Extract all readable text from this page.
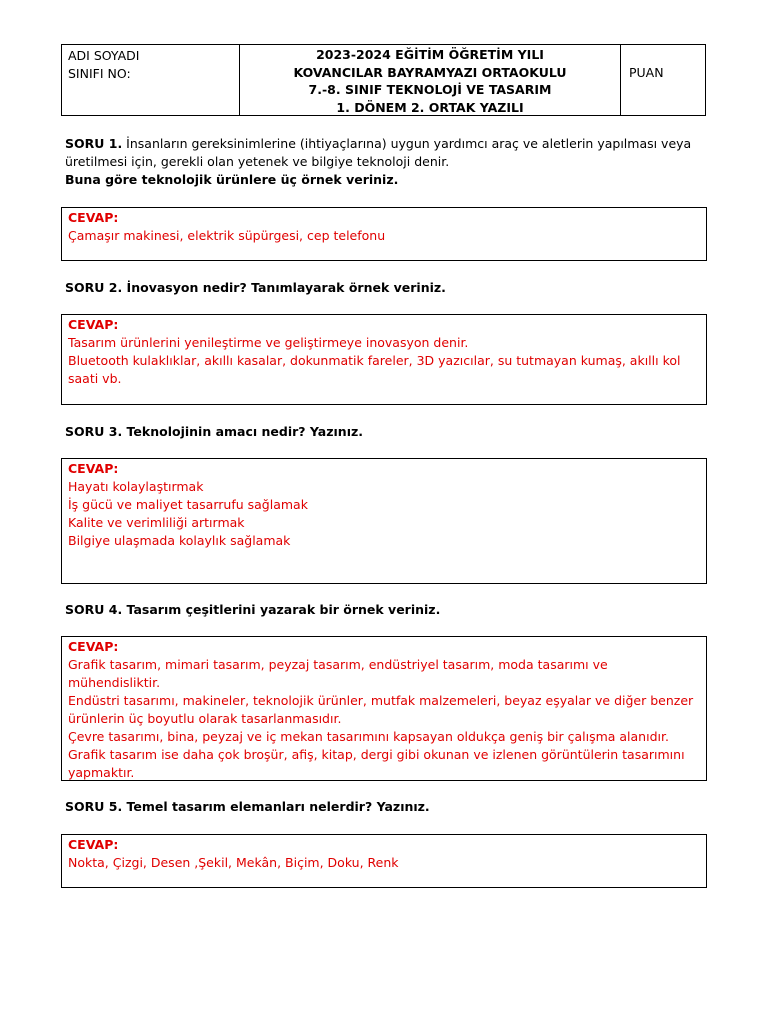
ADI SOYADI
SINIFI NO:
2023-2024 EĞİTİM ÖĞRETİM YILI
KOVANCILAR BAYRAMYAZI ORTAOKULU
7.-8. SINIF TEKNOLOJİ VE TASARIM
1. DÖNEM 2. ORTAK YAZILI
PUAN
SORU 1. İnsanların gereksinimlerine (ihtiyaçlarına) uygun yardımcı araç ve aletlerin yapılması veya üretilmesi için, gerekli olan yetenek ve bilgiye teknoloji denir.
Buna göre teknolojik ürünlere üç örnek veriniz.
CEVAP:
Çamaşır makinesi, elektrik süpürgesi, cep telefonu
SORU 2. İnovasyon nedir? Tanımlayarak örnek veriniz.
CEVAP:
Tasarım ürünlerini yenileştirme ve geliştirmeye inovasyon denir.
Bluetooth kulaklıklar, akıllı kasalar, dokunmatik fareler, 3D yazıcılar, su tutmayan kumaş, akıllı kol saati vb.
SORU 3. Teknolojinin amacı nedir? Yazınız.
CEVAP:
Hayatı kolaylaştırmak
İş gücü ve maliyet tasarrufu sağlamak
Kalite ve verimliliği artırmak
Bilgiye ulaşmada kolaylık sağlamak
SORU 4. Tasarım çeşitlerini yazarak bir örnek veriniz.
CEVAP:
Grafik tasarım, mimari tasarım, peyzaj tasarım, endüstriyel tasarım, moda tasarımı ve mühendisliktir.
Endüstri tasarımı, makineler, teknolojik ürünler, mutfak malzemeleri, beyaz eşyalar ve diğer benzer ürünlerin üç boyutlu olarak tasarlanmasıdır.
Çevre tasarımı, bina, peyzaj ve iç mekan tasarımını kapsayan oldukça geniş bir çalışma alanıdır.
Grafik tasarım ise daha çok broşür, afiş, kitap, dergi gibi okunan ve izlenen görüntülerin tasarımını yapmaktır.
SORU 5. Temel tasarım elemanları nelerdir? Yazınız.
CEVAP:
Nokta, Çizgi, Desen ,Şekil, Mekân, Biçim, Doku, Renk
